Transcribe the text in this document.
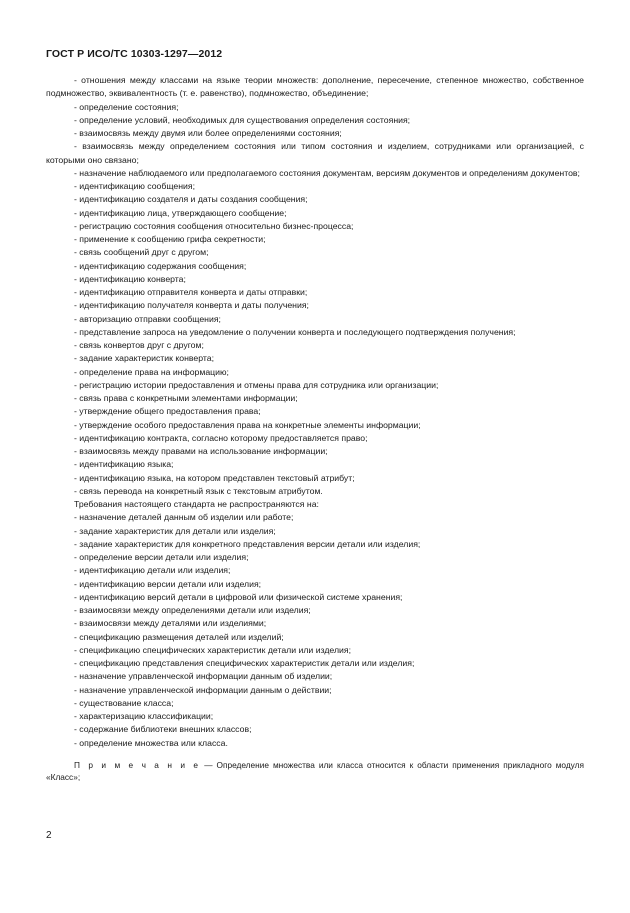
ГОСТ Р ИСО/ТС 10303-1297—2012

- отношения между классами на языке теории множеств: дополнение, пересечение, степенное множество, собственное подмножество, эквивалентность (т. е. равенство), подмножество, объединение;

- определение состояния;

- определение условий, необходимых для существования определения состояния;

- взаимосвязь между двумя или более определениями состояния;

- взаимосвязь между определением состояния или типом состояния и изделием, сотрудниками или организацией, с которыми оно связано;

- назначение наблюдаемого или предполагаемого состояния документам, версиям документов и определениям документов;

- идентификацию сообщения;

- идентификацию создателя и даты создания сообщения;

- идентификацию лица, утверждающего сообщение;

- регистрацию состояния сообщения относительно бизнес-процесса;

- применение к сообщению грифа секретности;

- связь сообщений друг с другом;

- идентификацию содержания сообщения;

- идентификацию конверта;

- идентификацию отправителя конверта и даты отправки;

- идентификацию получателя конверта и даты получения;

- авторизацию отправки сообщения;

- представление запроса на уведомление о получении конверта и последующего подтверждения получения;

- связь конвертов друг с другом;

- задание характеристик конверта;

- определение права на информацию;

- регистрацию истории предоставления и отмены права для сотрудника или организации;

- связь права с конкретными элементами информации;

- утверждение общего предоставления права;

- утверждение особого предоставления права на конкретные элементы информации;

- идентификацию контракта, согласно которому предоставляется право;

- взаимосвязь между правами на использование информации;

- идентификацию языка;

- идентификацию языка, на котором представлен текстовый атрибут;

- связь перевода на конкретный язык с текстовым атрибутом.

Требования настоящего стандарта не распространяются на:

- назначение деталей данным об изделии или работе;

- задание характеристик для детали или изделия;

- задание характеристик для конкретного представления версии детали или изделия;

- определение версии детали или изделия;

- идентификацию детали или изделия;

- идентификацию версии детали или изделия;

- идентификацию версий детали в цифровой или физической системе хранения;

- взаимосвязи между определениями детали или изделия;

- взаимосвязи между деталями или изделиями;

- спецификацию размещения деталей или изделий;

- спецификацию специфических характеристик детали или изделия;

- спецификацию представления специфических характеристик детали или изделия;

- назначение управленческой информации данным об изделии;

- назначение управленческой информации данным о действии;

- существование класса;

- характеризацию классификации;

- содержание библиотеки внешних классов;

- определение множества или класса.

П р и м е ч а н и е — Определение множества или класса относится к области применения прикладного модуля «Класс»;
2
